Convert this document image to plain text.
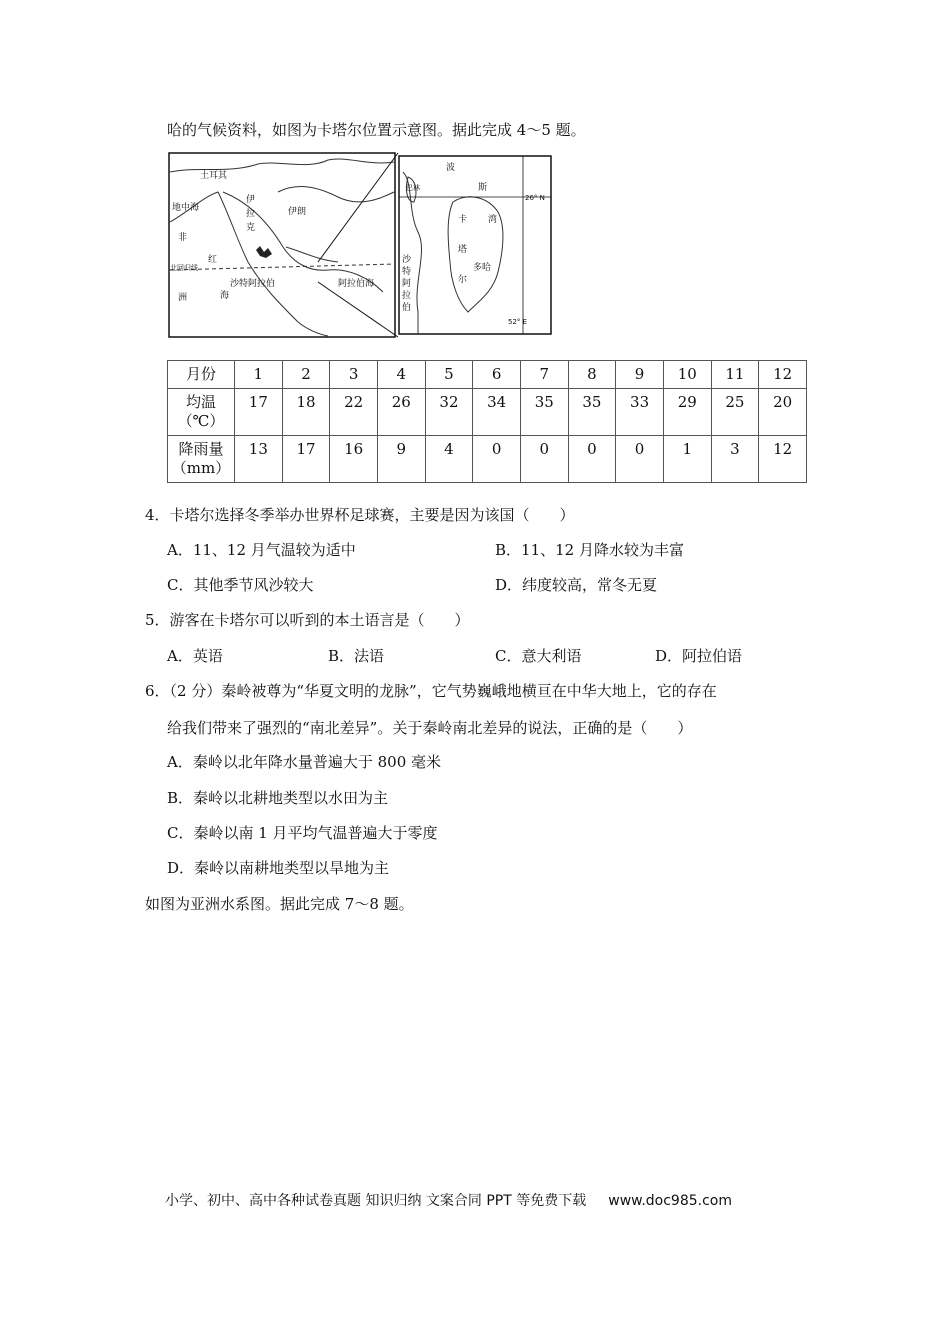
哈的气候资料，如图为卡塔尔位置示意图。据此完成 4～5 题。
土耳其
地中海
伊
拉
克
伊朗
非
洲
红
海
沙特阿拉伯	阿拉伯海
北回归线
波
斯
湾
卡
塔
尔
多哈
沙
特
阿
拉
伯
巴林
26° N
52° E
月份	1	2	3	4	5	6	7	8	9	10	11	12
均温
（℃）	17	18	22	26	32	34	35	35	33	29	25	20
降雨量
（mm）	13	17	16	9	4	0	0	0	0	1	3	12
4．卡塔尔选择冬季举办世界杯足球赛，主要是因为该国（　　）
A．11、12 月气温较为适中	B．11、12 月降水较为丰富
C．其他季节风沙较大	D．纬度较高，常冬无夏
5．游客在卡塔尔可以听到的本土语言是（　　）
A．英语	B．法语	C．意大利语	D．阿拉伯语
6．（2 分）秦岭被尊为“华夏文明的龙脉”，它气势巍峨地横亘在中华大地上，它的存在
给我们带来了强烈的“南北差异”。关于秦岭南北差异的说法，正确的是（　　）
A．秦岭以北年降水量普遍大于 800 毫米
B．秦岭以北耕地类型以水田为主
C．秦岭以南 1 月平均气温普遍大于零度
D．秦岭以南耕地类型以旱地为主
如图为亚洲水系图。据此完成 7～8 题。
小学、初中、高中各种试卷真题 知识归纳 文案合同 PPT 等免费下载 www.doc985.com
